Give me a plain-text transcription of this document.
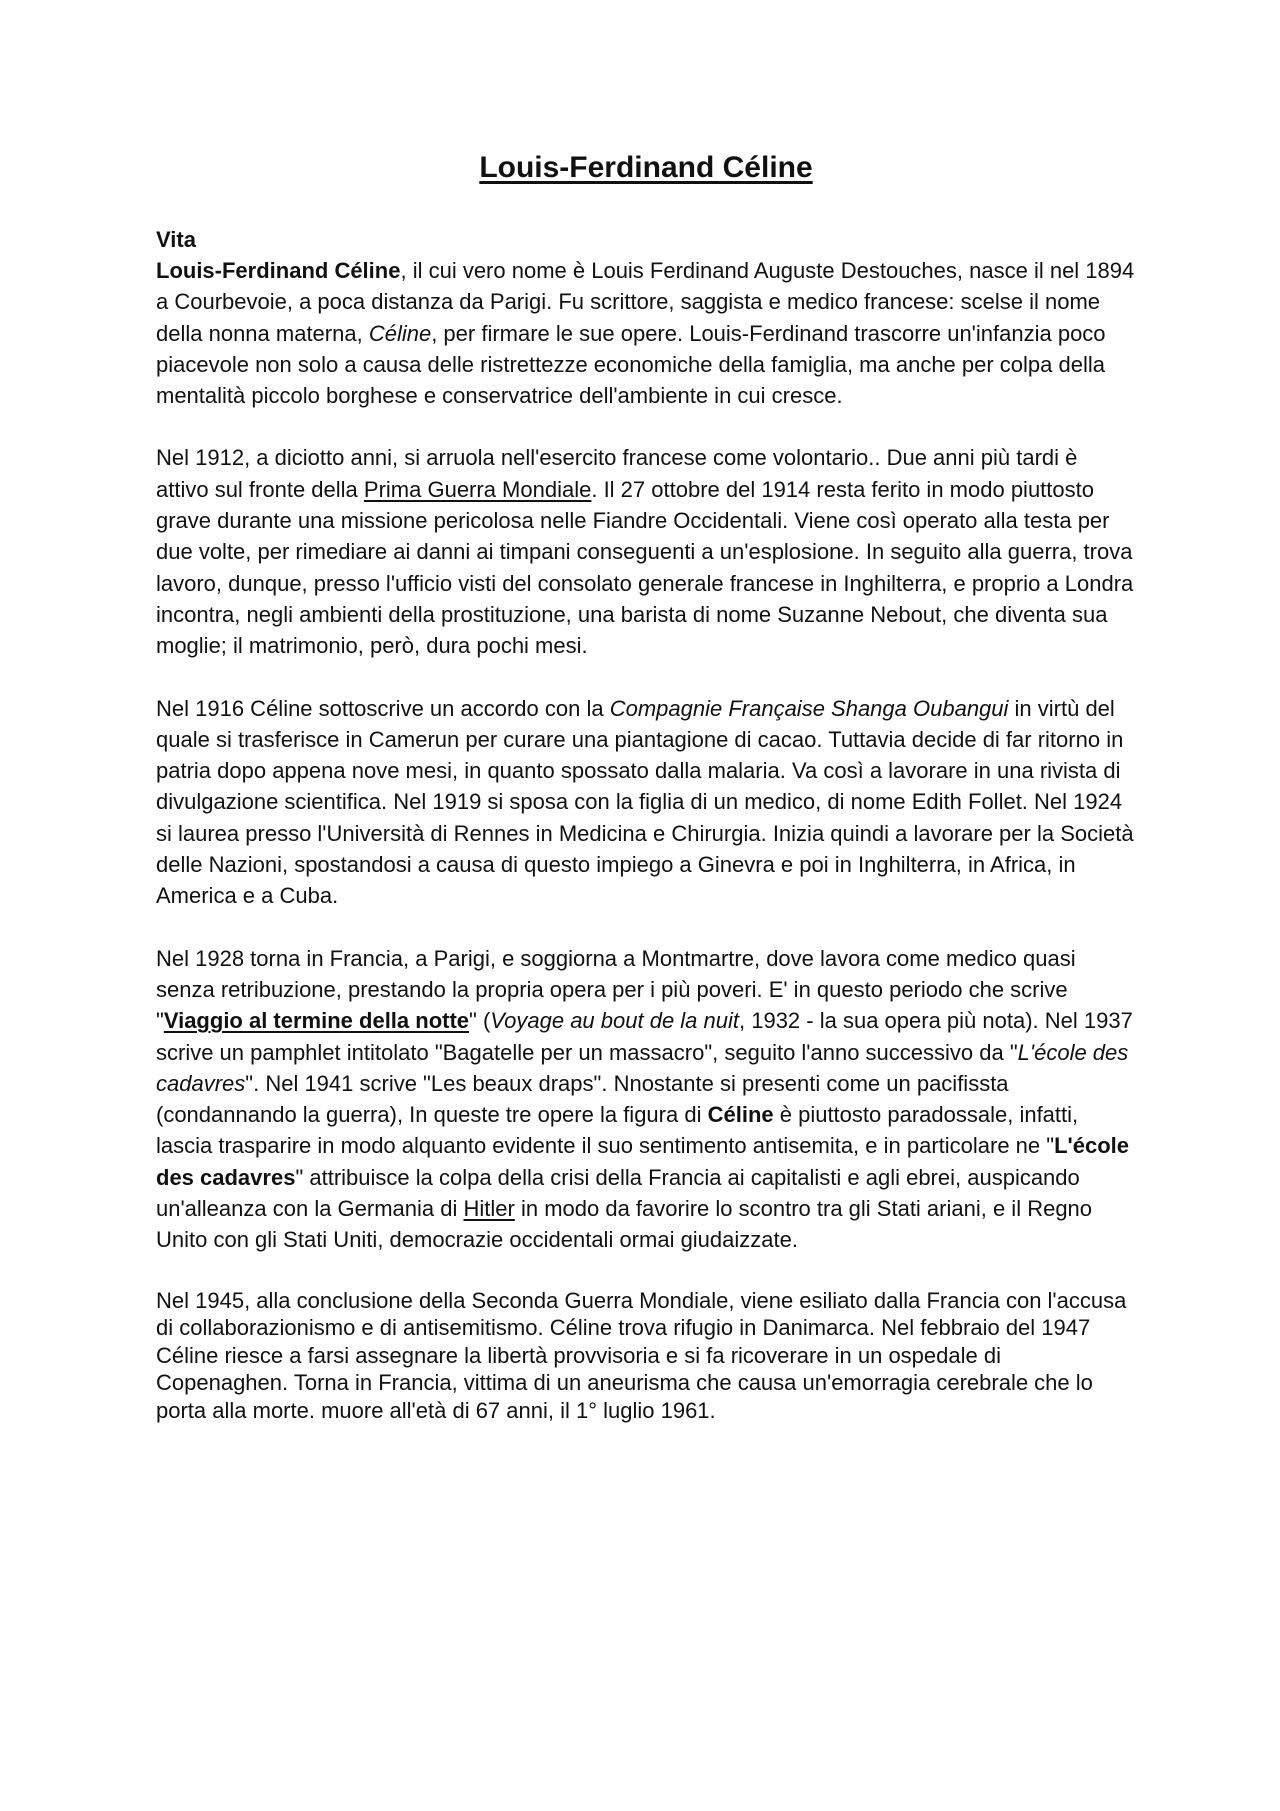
Louis-Ferdinand Céline
Vita

Louis-Ferdinand Céline, il cui vero nome è Louis Ferdinand Auguste Destouches, nasce il nel 1894 a Courbevoie, a poca distanza da Parigi. Fu scrittore, saggista e medico francese: scelse il nome della nonna materna, Céline, per firmare le sue opere. Louis-Ferdinand trascorre un'infanzia poco piacevole non solo a causa delle ristrettezze economiche della famiglia, ma anche per colpa della mentalità piccolo borghese e conservatrice dell'ambiente in cui cresce.

Nel 1912, a diciotto anni, si arruola nell'esercito francese come volontario.. Due anni più tardi è attivo sul fronte della Prima Guerra Mondiale. Il 27 ottobre del 1914 resta ferito in modo piuttosto grave durante una missione pericolosa nelle Fiandre Occidentali. Viene così operato alla testa per due volte, per rimediare ai danni ai timpani conseguenti a un'esplosione. In seguito alla guerra, trova lavoro, dunque, presso l'ufficio visti del consolato generale francese in Inghilterra, e proprio a Londra incontra, negli ambienti della prostituzione, una barista di nome Suzanne Nebout, che diventa sua moglie; il matrimonio, però, dura pochi mesi.

Nel 1916 Céline sottoscrive un accordo con la Compagnie Française Shanga Oubangui in virtù del quale si trasferisce in Camerun per curare una piantagione di cacao. Tuttavia decide di far ritorno in patria dopo appena nove mesi, in quanto spossato dalla malaria. Va così a lavorare in una rivista di divulgazione scientifica. Nel 1919 si sposa con la figlia di un medico, di nome Edith Follet. Nel 1924 si laurea presso l'Università di Rennes in Medicina e Chirurgia. Inizia quindi a lavorare per la Società delle Nazioni, spostandosi a causa di questo impiego a Ginevra e poi in Inghilterra, in Africa, in America e a Cuba.

Nel 1928 torna in Francia, a Parigi, e soggiorna a Montmartre, dove lavora come medico quasi senza retribuzione, prestando la propria opera per i più poveri. E' in questo periodo che scrive "Viaggio al termine della notte" (Voyage au bout de la nuit, 1932 - la sua opera più nota). Nel 1937 scrive un pamphlet intitolato "Bagatelle per un massacro", seguito l'anno successivo da "L'école des cadavres". Nel 1941 scrive "Les beaux draps". Nnostante si presenti come un pacifissta (condannando la guerra), In queste tre opere la figura di Céline è piuttosto paradossale, infatti, lascia trasparire in modo alquanto evidente il suo sentimento antisemita, e in particolare ne "L'école des cadavres" attribuisce la colpa della crisi della Francia ai capitalisti e agli ebrei, auspicando un'alleanza con la Germania di Hitler in modo da favorire lo scontro tra gli Stati ariani, e il Regno Unito con gli Stati Uniti, democrazie occidentali ormai giudaizzate.

Nel 1945, alla conclusione della Seconda Guerra Mondiale, viene esiliato dalla Francia con l'accusa di collaborazionismo e di antisemitismo. Céline trova rifugio in Danimarca. Nel febbraio del 1947 Céline riesce a farsi assegnare la libertà provvisoria e si fa ricoverare in un ospedale di Copenaghen. Torna in Francia, vittima di un aneurisma che causa un'emorragia cerebrale che lo porta alla morte. muore all'età di 67 anni, il 1° luglio 1961.
